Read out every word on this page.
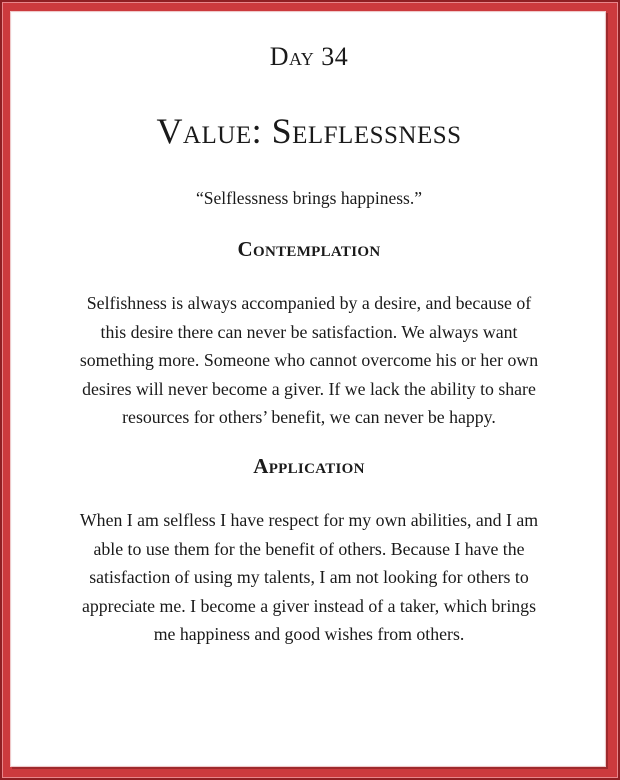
Day 34
Value: Selflessness
“Selflessness brings happiness.”
Contemplation
Selfishness is always accompanied by a desire, and because of
this desire there can never be satisfaction. We always want
something more. Someone who cannot overcome his or her own
desires will never become a giver. If we lack the ability to share
resources for others’ benefit, we can never be happy.
Application
When I am selfless I have respect for my own abilities, and I am
able to use them for the benefit of others. Because I have the
satisfaction of using my talents, I am not looking for others to
appreciate me. I become a giver instead of a taker, which brings
me happiness and good wishes from others.
